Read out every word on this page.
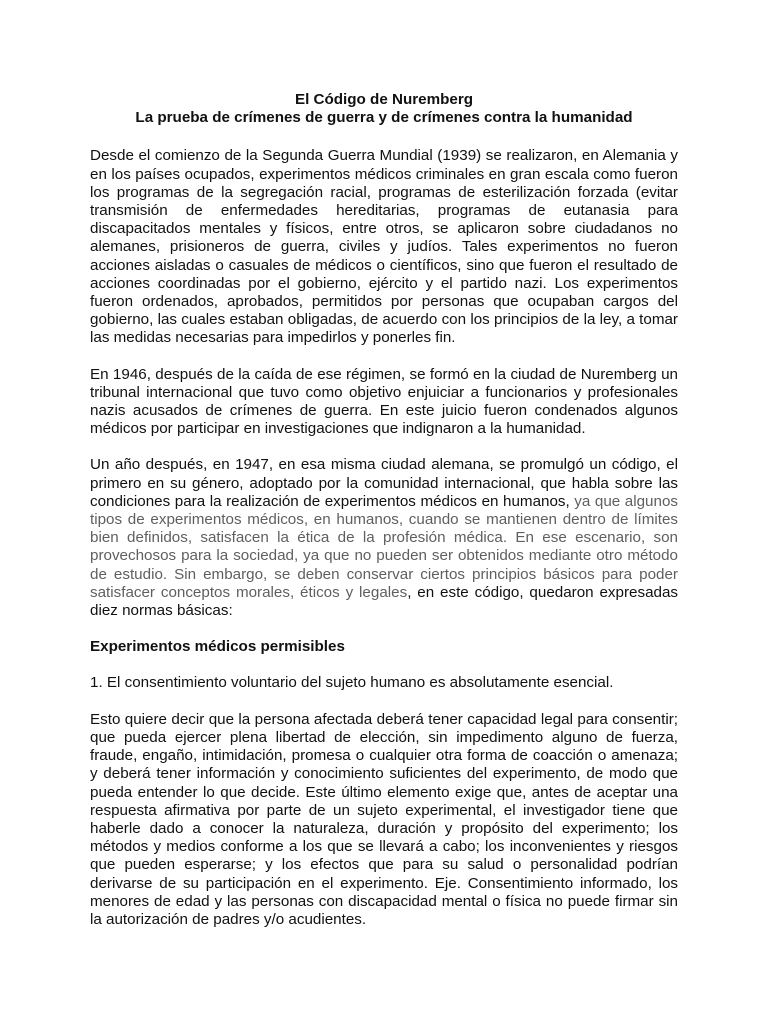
El Código de Nuremberg
La prueba de crímenes de guerra y de crímenes contra la humanidad

Desde el comienzo de la Segunda Guerra Mundial (1939) se realizaron, en Alemania y en los países ocupados, experimentos médicos criminales en gran escala como fueron los programas de la segregación racial, programas de esterilización forzada (evitar transmisión de enfermedades hereditarias, programas de eutanasia para discapacitados mentales y físicos, entre otros, se aplicaron sobre ciudadanos no alemanes, prisioneros de guerra, civiles y judíos. Tales experimentos no fueron acciones aisladas o casuales de médicos o científicos, sino que fueron el resultado de acciones coordinadas por el gobierno, ejército y el partido nazi. Los experimentos fueron ordenados, aprobados, permitidos por personas que ocupaban cargos del gobierno, las cuales estaban obligadas, de acuerdo con los principios de la ley, a tomar las medidas necesarias para impedirlos y ponerles fin.

En 1946, después de la caída de ese régimen, se formó en la ciudad de Nuremberg un tribunal internacional que tuvo como objetivo enjuiciar a funcionarios y profesionales nazis acusados de crímenes de guerra. En este juicio fueron condenados algunos médicos por participar en investigaciones que indignaron a la humanidad.

Un año después, en 1947, en esa misma ciudad alemana, se promulgó un código, el primero en su género, adoptado por la comunidad internacional, que habla sobre las condiciones para la realización de experimentos médicos en humanos, ya que algunos tipos de experimentos médicos, en humanos, cuando se mantienen dentro de límites bien definidos, satisfacen la ética de la profesión médica. En ese escenario, son provechosos para la sociedad, ya que no pueden ser obtenidos mediante otro método de estudio. Sin embargo, se deben conservar ciertos principios básicos para poder satisfacer conceptos morales, éticos y legales, en este código, quedaron expresadas diez normas básicas:

Experimentos médicos permisibles

1. El consentimiento voluntario del sujeto humano es absolutamente esencial.

Esto quiere decir que la persona afectada deberá tener capacidad legal para consentir; que pueda ejercer plena libertad de elección, sin impedimento alguno de fuerza, fraude, engaño, intimidación, promesa o cualquier otra forma de coacción o amenaza; y deberá tener información y conocimiento suficientes del experimento, de modo que pueda entender lo que decide. Este último elemento exige que, antes de aceptar una respuesta afirmativa por parte de un sujeto experimental, el investigador tiene que haberle dado a conocer la naturaleza, duración y propósito del experimento; los métodos y medios conforme a los que se llevará a cabo; los inconvenientes y riesgos que pueden esperarse; y los efectos que para su salud o personalidad podrían derivarse de su participación en el experimento. Eje. Consentimiento informado, los menores de edad y las personas con discapacidad mental o física no puede firmar sin la autorización de padres y/o acudientes.
